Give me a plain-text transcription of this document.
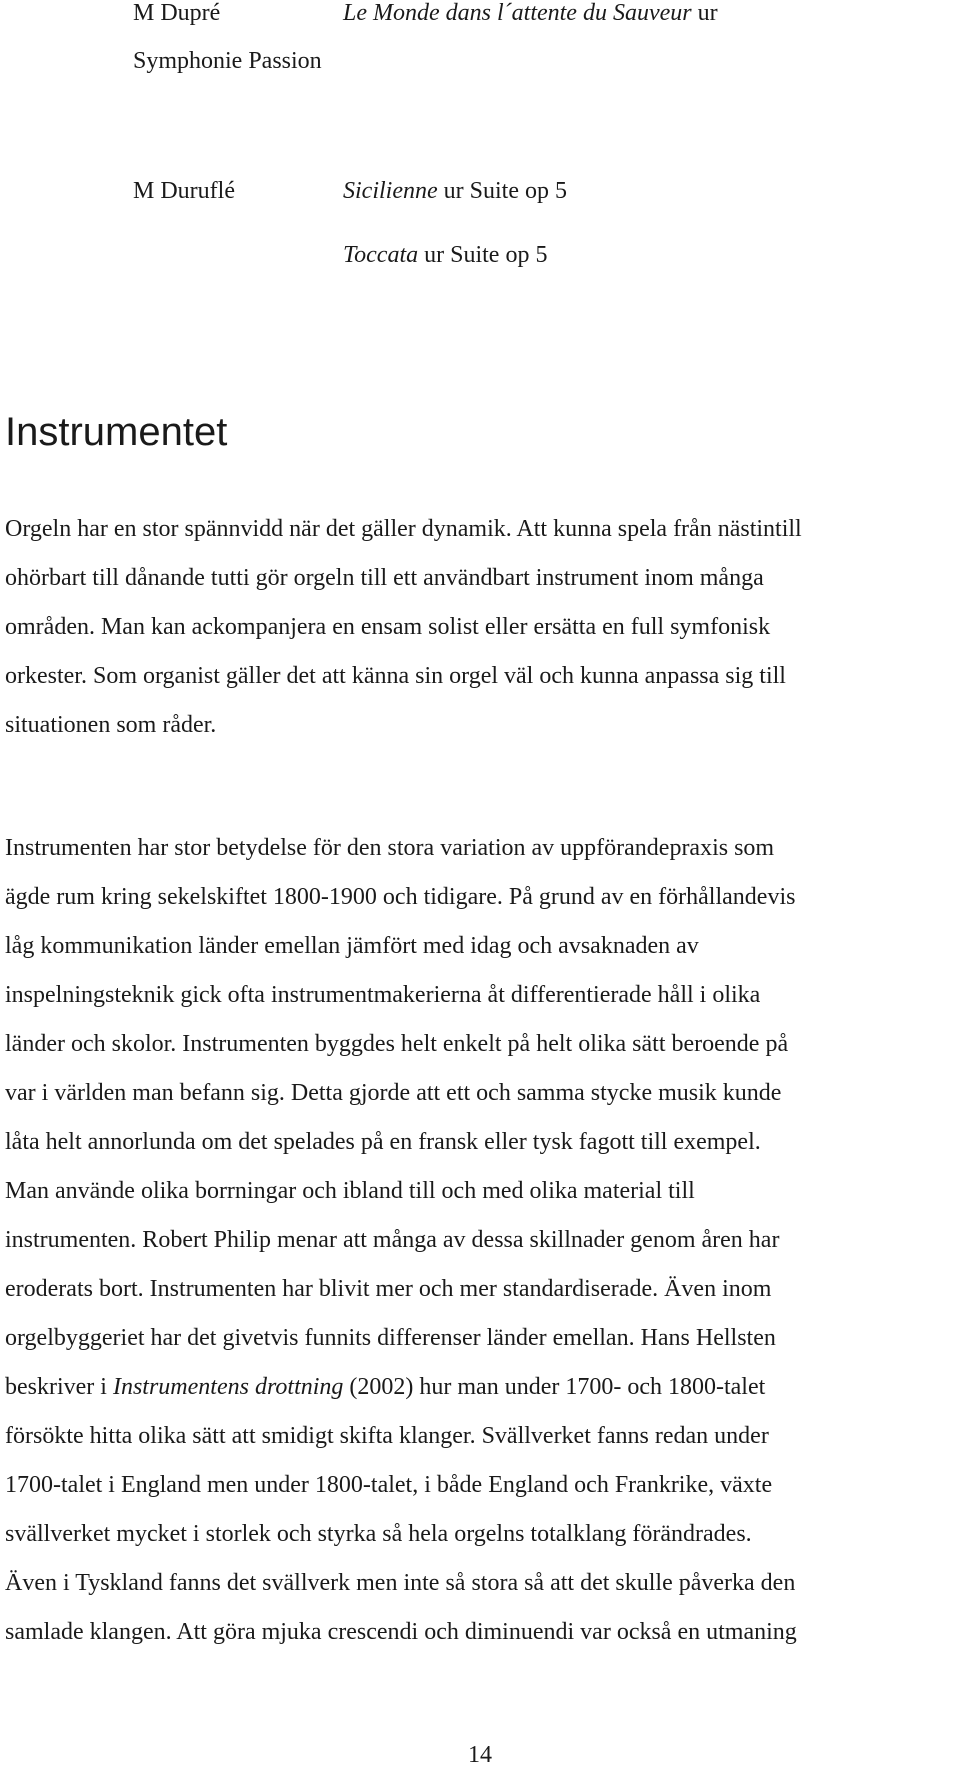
M Dupré	Le Monde dans l´attente du Sauveur ur
Symphonie Passion
M Duruflé	Sicilienne ur Suite op 5
Toccata ur Suite op 5
Instrumentet
Orgeln har en stor spännvidd när det gäller dynamik. Att kunna spela från nästintill
ohörbart till dånande tutti gör orgeln till ett användbart instrument inom många
områden. Man kan ackompanjera en ensam solist eller ersätta en full symfonisk
orkester. Som organist gäller det att känna sin orgel väl och kunna anpassa sig till
situationen som råder.
Instrumenten har stor betydelse för den stora variation av uppförandepraxis som
ägde rum kring sekelskiftet 1800-1900 och tidigare. På grund av en förhållandevis
låg kommunikation länder emellan jämfört med idag och avsaknaden av
inspelningsteknik gick ofta instrumentmakerierna åt differentierade håll i olika
länder och skolor. Instrumenten byggdes helt enkelt på helt olika sätt beroende på
var i världen man befann sig. Detta gjorde att ett och samma stycke musik kunde
låta helt annorlunda om det spelades på en fransk eller tysk fagott till exempel.
Man använde olika borrningar och ibland till och med olika material till
instrumenten. Robert Philip menar att många av dessa skillnader genom åren har
eroderats bort. Instrumenten har blivit mer och mer standardiserade. Även inom
orgelbyggeriet har det givetvis funnits differenser länder emellan. Hans Hellsten
beskriver i Instrumentens drottning (2002) hur man under 1700- och 1800-talet
försökte hitta olika sätt att smidigt skifta klanger. Svällverket fanns redan under
1700-talet i England men under 1800-talet, i både England och Frankrike, växte
svällverket mycket i storlek och styrka så hela orgelns totalklang förändrades.
Även i Tyskland fanns det svällverk men inte så stora så att det skulle påverka den
samlade klangen. Att göra mjuka crescendi och diminuendi var också en utmaning
14
